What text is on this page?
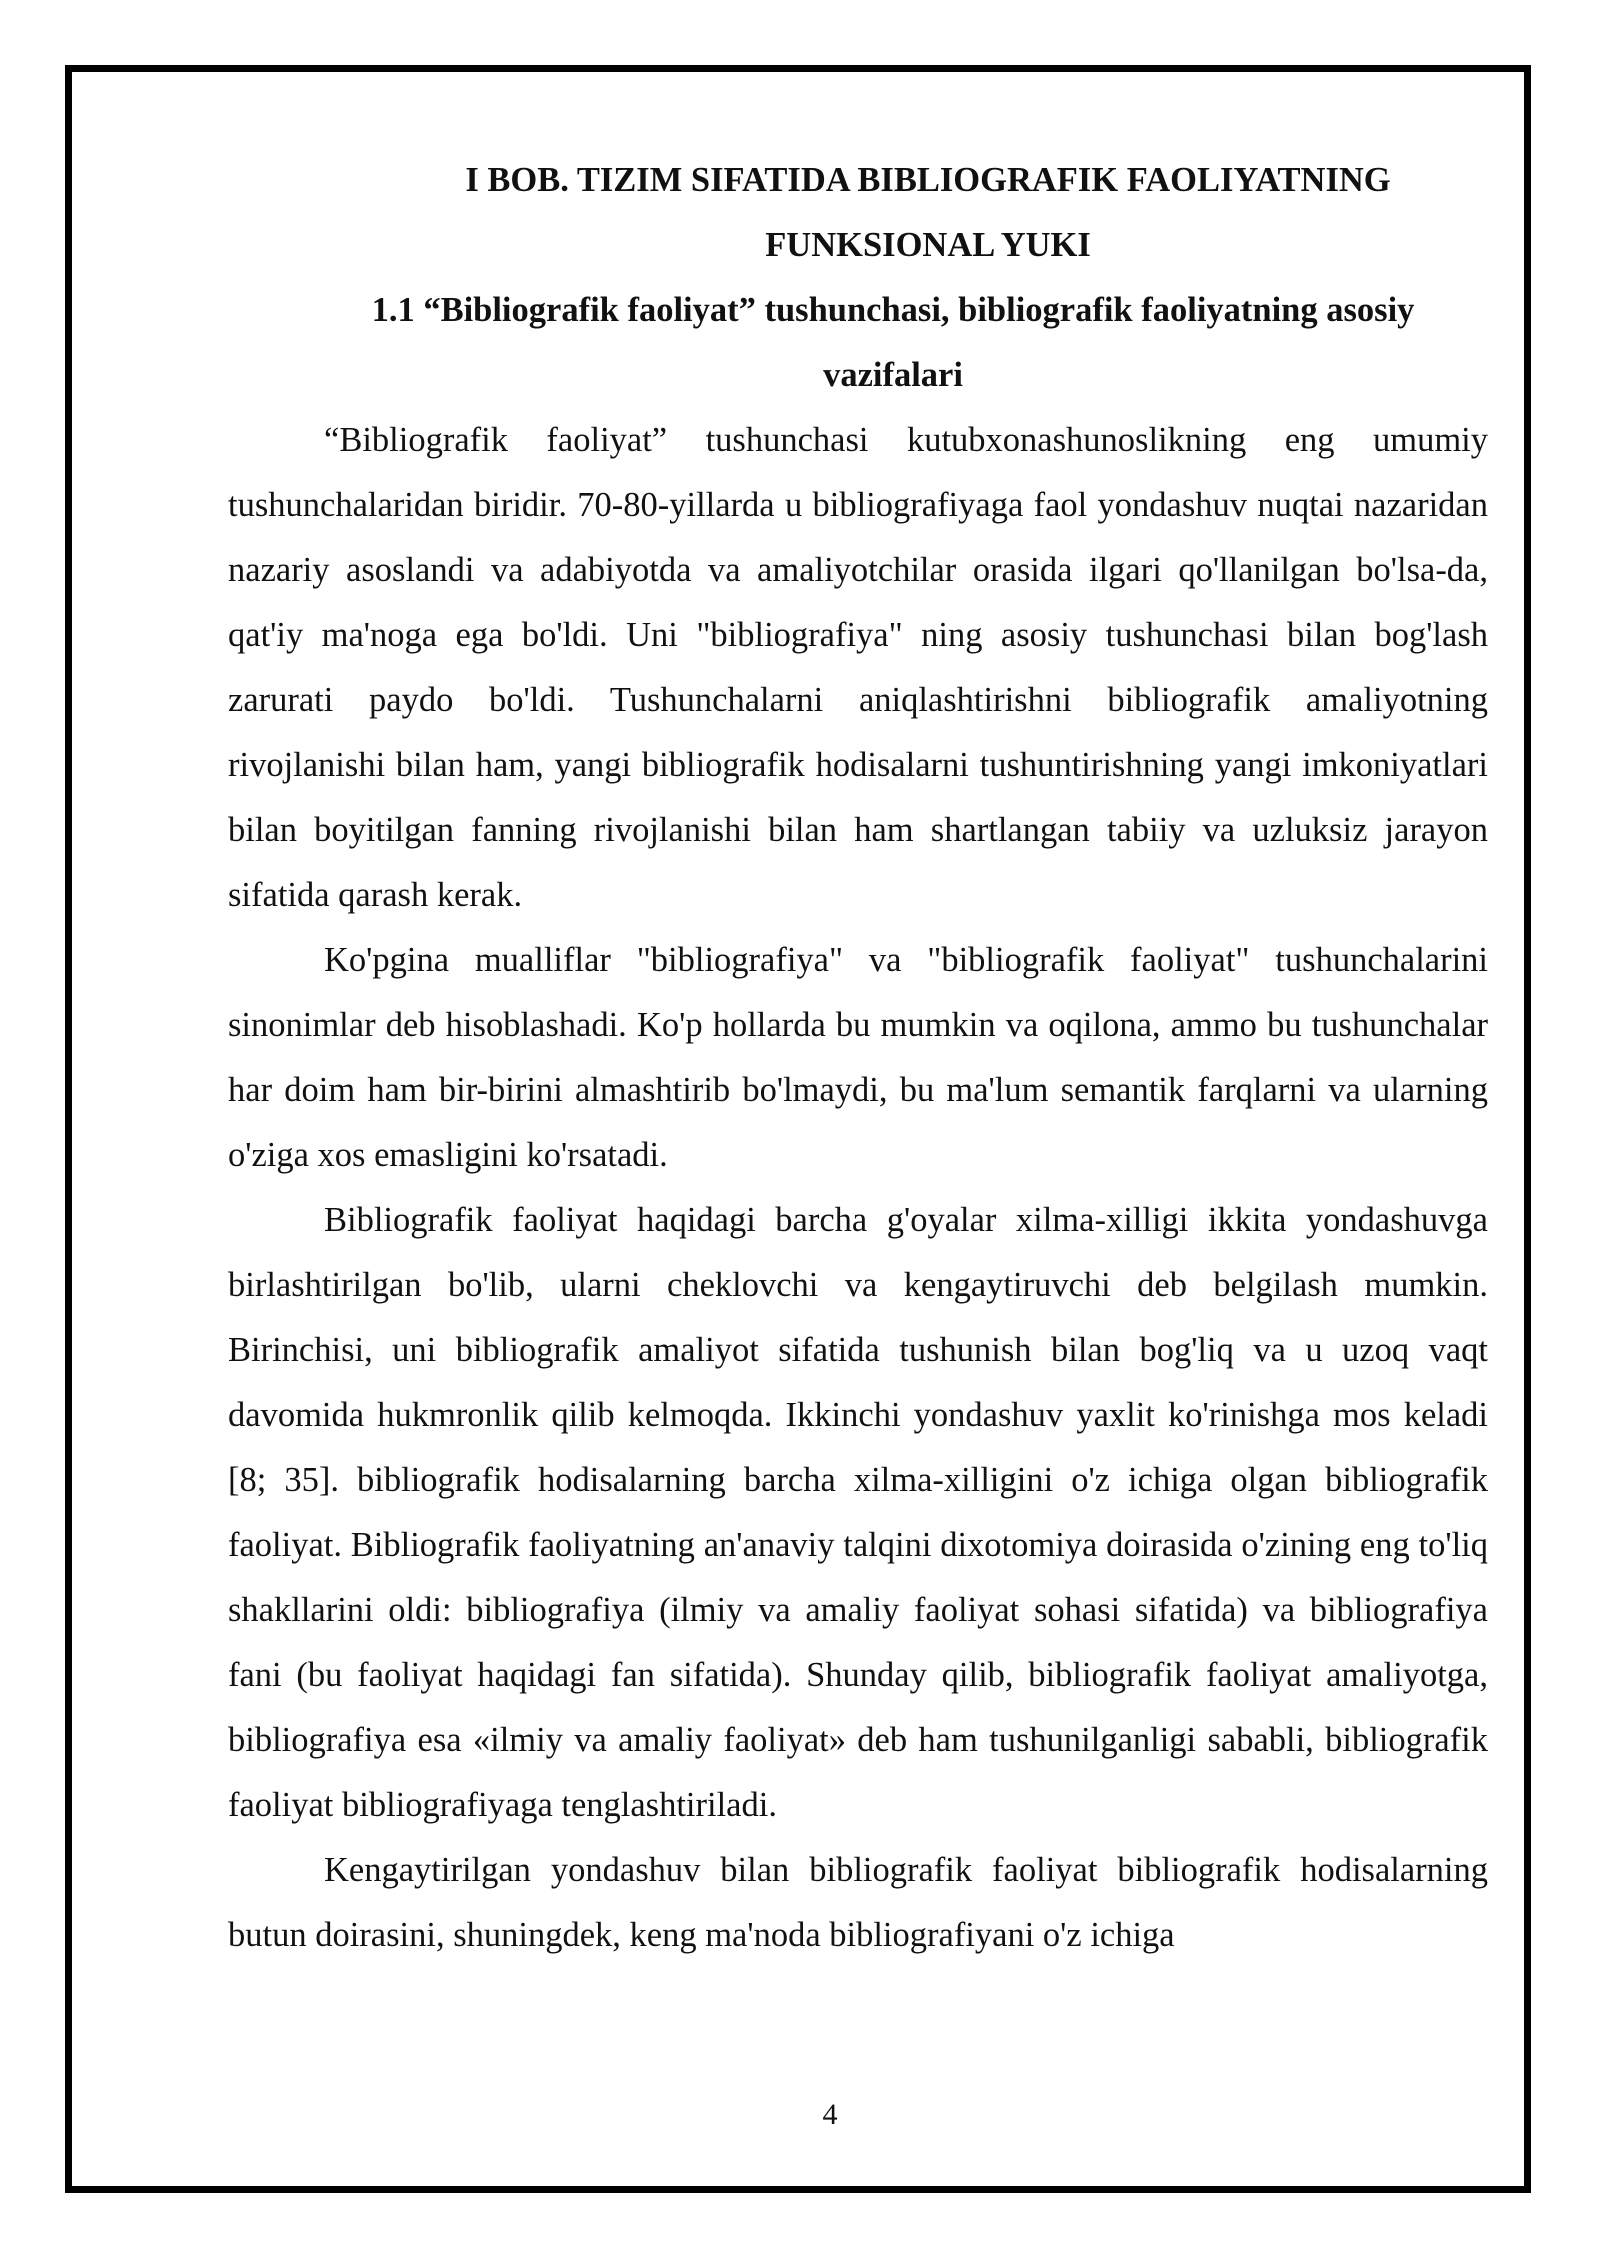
I BOB. TIZIM SIFATIDA BIBLIOGRAFIK FAOLIYATNING FUNKSIONAL YUKI

1.1 “Bibliografik faoliyat” tushunchasi, bibliografik faoliyatning asosiy vazifalari

“Bibliografik faoliyat” tushunchasi kutubxonashunoslikning eng umumiy tushunchalaridan biridir. 70-80-yillarda u bibliografiyaga faol yondashuv nuqtai nazaridan nazariy asoslandi va adabiyotda va amaliyotchilar orasida ilgari qo'llanilgan bo'lsa-da, qat'iy ma'noga ega bo'ldi. Uni "bibliografiya" ning asosiy tushunchasi bilan bog'lash zarurati paydo bo'ldi. Tushunchalarni aniqlashtirishni bibliografik amaliyotning rivojlanishi bilan ham, yangi bibliografik hodisalarni tushuntirishning yangi imkoniyatlari bilan boyitilgan fanning rivojlanishi bilan ham shartlangan tabiiy va uzluksiz jarayon sifatida qarash kerak.

Ko'pgina mualliflar "bibliografiya" va "bibliografik faoliyat" tushunchalarini sinonimlar deb hisoblashadi. Ko'p hollarda bu mumkin va oqilona, ammo bu tushunchalar har doim ham bir-birini almashtirib bo'lmaydi, bu ma'lum semantik farqlarni va ularning o'ziga xos emasligini ko'rsatadi.

Bibliografik faoliyat haqidagi barcha g'oyalar xilma-xilligi ikkita yondashuvga birlashtirilgan bo'lib, ularni cheklovchi va kengaytiruvchi deb belgilash mumkin. Birinchisi, uni bibliografik amaliyot sifatida tushunish bilan bog'liq va u uzoq vaqt davomida hukmronlik qilib kelmoqda. Ikkinchi yondashuv yaxlit ko'rinishga mos keladi [8; 35]. bibliografik hodisalarning barcha xilma-xilligini o'z ichiga olgan bibliografik faoliyat. Bibliografik faoliyatning an'anaviy talqini dixotomiya doirasida o'zining eng to'liq shakllarini oldi: bibliografiya (ilmiy va amaliy faoliyat sohasi sifatida) va bibliografiya fani (bu faoliyat haqidagi fan sifatida). Shunday qilib, bibliografik faoliyat amaliyotga, bibliografiya esa «ilmiy va amaliy faoliyat» deb ham tushunilganligi sababli, bibliografik faoliyat bibliografiyaga tenglashtiriladi.

Kengaytirilgan yondashuv bilan bibliografik faoliyat bibliografik hodisalarning butun doirasini, shuningdek, keng ma'noda bibliografiyani o'z ichiga

4
